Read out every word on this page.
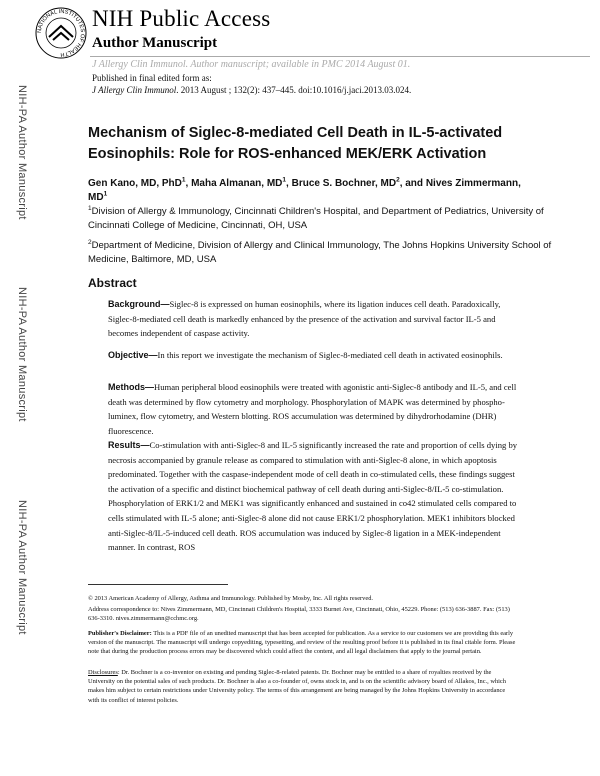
NATIONAL INSTITUTES OF HEALTH
NIH Public Access
Author Manuscript
J Allergy Clin Immunol. Author manuscript; available in PMC 2014 August 01.
Published in final edited form as:
J Allergy Clin Immunol. 2013 August ; 132(2): 437–445. doi:10.1016/j.jaci.2013.03.024.
NIH-PA Author Manuscript
NIH-PA Author Manuscript
NIH-PA Author Manuscript
Mechanism of Siglec-8-mediated Cell Death in IL-5-activated Eosinophils: Role for ROS-enhanced MEK/ERK Activation
Gen Kano, MD, PhD$^1$, Maha Almanan, $MD^1$, Bruce S. Bochner, $MD^2$, and Nives Zimmermann, $MD^1$
$^1$Division of Allergy & Immunology, Cincinnati Children's Hospital, and Department of Pediatrics, University of Cincinnati College of Medicine, Cincinnati, OH, USA
$^2$Department of Medicine, Division of Allergy and Clinical Immunology, The Johns Hopkins University School of Medicine, Baltimore, MD, USA
Abstract
Background—Siglec-8 is expressed on human eosinophils, where its ligation induces cell death. Paradoxically, Siglec-8-mediated cell death is markedly enhanced by the presence of the activation and survival factor IL-5 and becomes independent of caspase activity.
Objective—In this report we investigate the mechanism of Siglec-8-mediated cell death in activated eosinophils.
Methods—Human peripheral blood eosinophils were treated with agonistic anti-Siglec-8 antibody and IL-5, and cell death was determined by flow cytometry and morphology. Phosphorylation of MAPK was determined by phospho-luminex, flow cytometry, and Western blotting. ROS accumulation was determined by dihydrorhodamine (DHR) fluorescence.
Results—Co-stimulation with anti-Siglec-8 and IL-5 significantly increased the rate and proportion of cells dying by necrosis accompanied by granule release as compared to stimulation with anti-Siglec-8 alone, in which apoptosis predominated. Together with the caspase-independent mode of cell death in co-stimulated cells, these findings suggest the activation of a specific and distinct biochemical pathway of cell death during anti-Siglec-8/IL-5 co-stimulation. Phosphorylation of ERK1/2 and MEK1 was significantly enhanced and sustained in co42 stimulated cells compared to cells stimulated with IL-5 alone; anti-Siglec-8 alone did not cause ERK1/2 phosphorylation. MEK1 inhibitors blocked anti-Siglec-8/IL-5-induced cell death. ROS accumulation was induced by Siglec-8 ligation in a MEK-independent manner. In contrast, ROS
© 2013 American Academy of Allergy, Asthma and Immunology. Published by Mosby, Inc. All rights reserved.
Address correspondence to: Nives Zimmermann, MD, Cincinnati Children's Hospital, 3333 Burnet Ave, Cincinnati, Ohio, 45229. Phone: (513) 636-3887. Fax: (513) 636-3310. nives.zimmermann@cchmc.org.
Publisher's Disclaimer: This is a PDF file of an unedited manuscript that has been accepted for publication. As a service to our customers we are providing this early version of the manuscript. The manuscript will undergo copyediting, typesetting, and review of the resulting proof before it is published in its final citable form. Please note that during the production process errors may be discovered which could affect the content, and all legal disclaimers that apply to the journal pertain.
Disclosures: Dr. Bochner is a co-inventor on existing and pending Siglec-8-related patents. Dr. Bochner may be entitled to a share of royalties received by the University on the potential sales of such products. Dr. Bochner is also a co-founder of, owns stock in, and is on the scientific advisory board of Allakos, Inc., which makes him subject to certain restrictions under University policy. The terms of this arrangement are being managed by the Johns Hopkins University in accordance with its conflict of interest policies.
